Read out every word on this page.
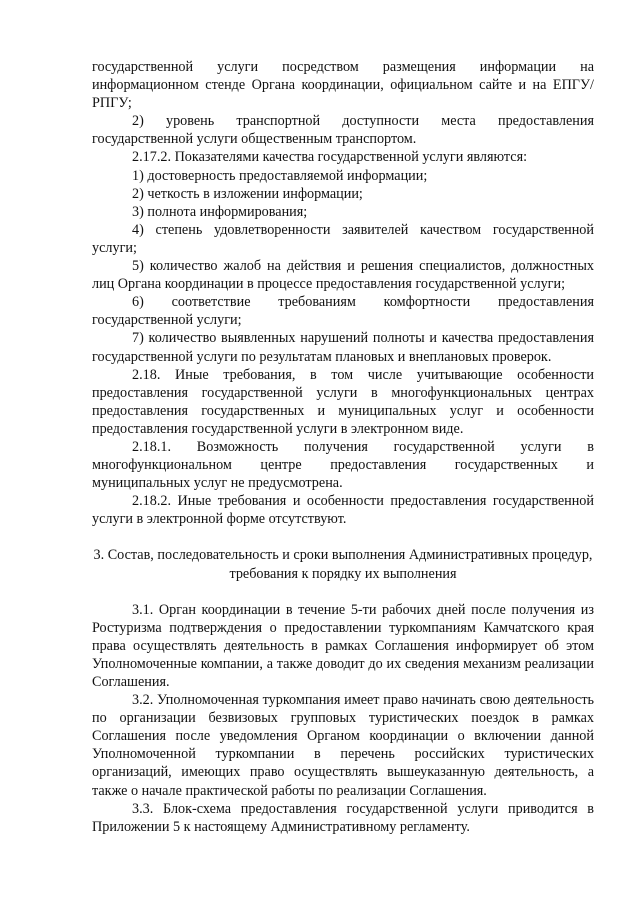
государственной услуги посредством размещения информации на информационном стенде Органа координации, официальном сайте и на ЕПГУ/РПГУ;

2) уровень транспортной доступности места предоставления государственной услуги общественным транспортом.

2.17.2. Показателями качества государственной услуги являются:

1) достоверность предоставляемой информации;

2) четкость в изложении информации;

3) полнота информирования;

4) степень удовлетворенности заявителей качеством государственной услуги;

5) количество жалоб на действия и решения специалистов, должностных лиц Органа координации в процессе предоставления государственной услуги;

6) соответствие требованиям комфортности предоставления государственной услуги;

7) количество выявленных нарушений полноты и качества предоставления государственной услуги по результатам плановых и внеплановых проверок.

2.18. Иные требования, в том числе учитывающие особенности предоставления государственной услуги в многофункциональных центрах предоставления государственных и муниципальных услуг и особенности предоставления государственной услуги в электронном виде.

2.18.1. Возможность получения государственной услуги в многофункциональном центре предоставления государственных и муниципальных услуг не предусмотрена.

2.18.2. Иные требования и особенности предоставления государственной услуги в электронной форме отсутствуют.

3. Состав, последовательность и сроки выполнения Административных процедур, требования к порядку их выполнения

3.1. Орган координации в течение 5-ти рабочих дней после получения из Ростуризма подтверждения о предоставлении туркомпаниям Камчатского края права осуществлять деятельность в рамках Соглашения информирует об этом Уполномоченные компании, а также доводит до их сведения механизм реализации Соглашения.

3.2. Уполномоченная туркомпания имеет право начинать свою деятельность по организации безвизовых групповых туристических поездок в рамках Соглашения после уведомления Органом координации о включении данной Уполномоченной туркомпании в перечень российских туристических организаций, имеющих право осуществлять вышеуказанную деятельность, а также о начале практической работы по реализации Соглашения.

3.3. Блок-схема предоставления государственной услуги приводится в Приложении 5 к настоящему Административному регламенту.
